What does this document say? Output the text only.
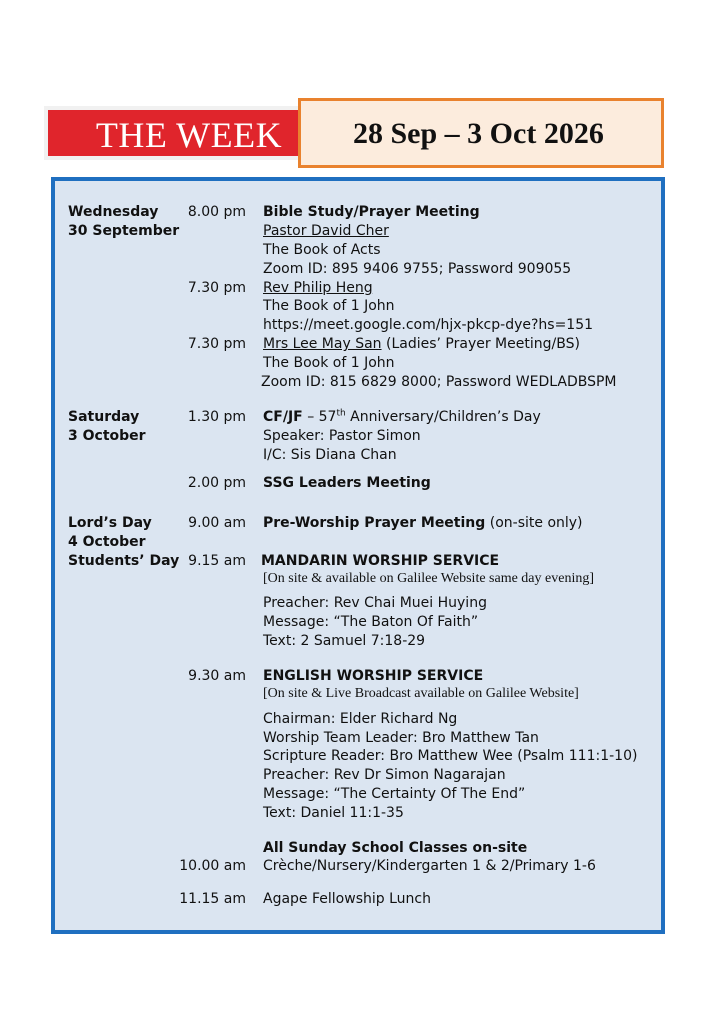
THE WEEK	28 Sep – 3 Oct 2026
Wednesday
30 September
8.00 pm Bible Study/Prayer Meeting
Pastor David Cher
The Book of Acts
Zoom ID: 895 9406 9755; Password 909055
7.30 pm Rev Philip Heng
The Book of 1 John
https://meet.google.com/hjx-pkcp-dye?hs=151
7.30 pm Mrs Lee May San (Ladies’ Prayer Meeting/BS)
The Book of 1 John
Zoom ID: 815 6829 8000; Password WEDLADBSPM
Saturday
3 October
1.30 pm CF/JF – 57th Anniversary/Children’s Day
Speaker: Pastor Simon
I/C: Sis Diana Chan
2.00 pm SSG Leaders Meeting
Lord’s Day
4 October
Students’ Day
9.00 am Pre-Worship Prayer Meeting (on-site only)
9.15 am MANDARIN WORSHIP SERVICE
[On site & available on Galilee Website same day evening]
Preacher: Rev Chai Muei Huying
Message: “The Baton Of Faith”
Text: 2 Samuel 7:18-29
9.30 am ENGLISH WORSHIP SERVICE
[On site & Live Broadcast available on Galilee Website]
Chairman: Elder Richard Ng
Worship Team Leader: Bro Matthew Tan
Scripture Reader: Bro Matthew Wee (Psalm 111:1-10)
Preacher: Rev Dr Simon Nagarajan
Message: “The Certainty Of The End”
Text: Daniel 11:1-35
All Sunday School Classes on-site
10.00 am Crèche/Nursery/Kindergarten 1 & 2/Primary 1-6
11.15 am Agape Fellowship Lunch
